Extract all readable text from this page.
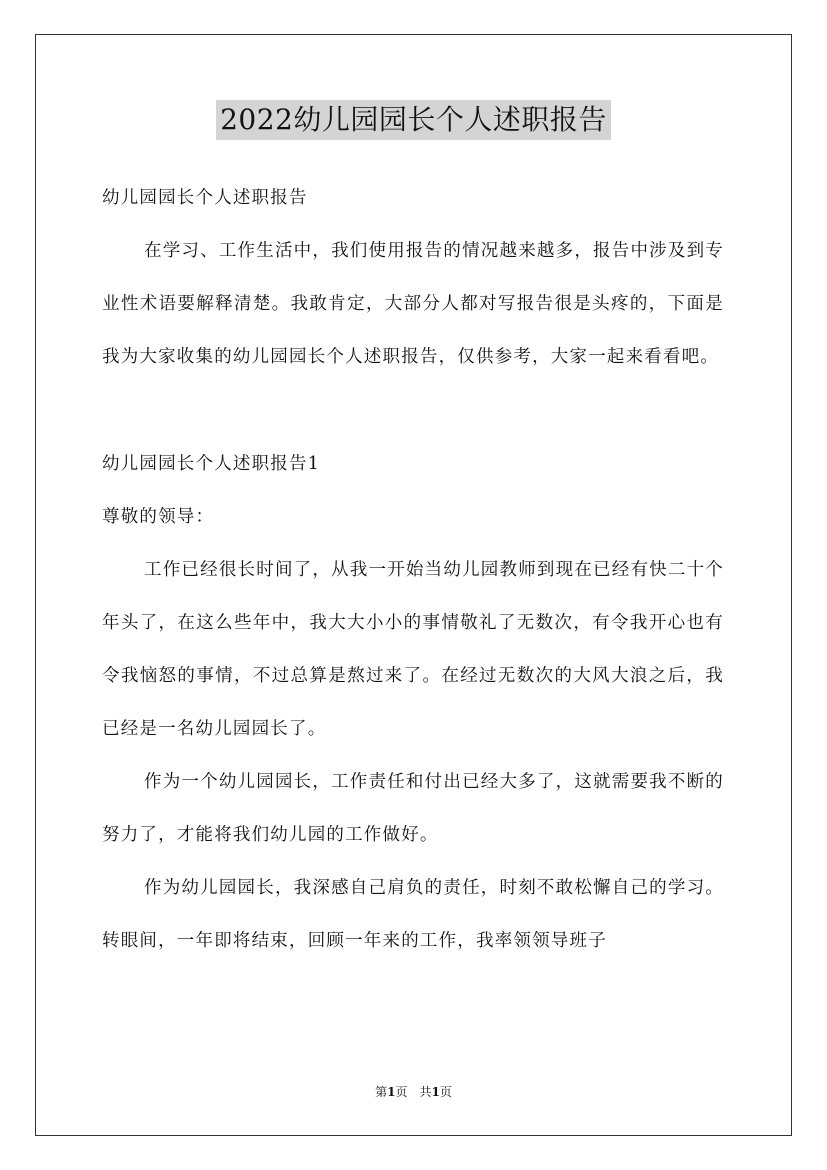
2022幼儿园园长个人述职报告

幼儿园园长个人述职报告

在学习、工作生活中，我们使用报告的情况越来越多，报告中涉及到专业性术语要解释清楚。我敢肯定，大部分人都对写报告很是头疼的，下面是我为大家收集的幼儿园园长个人述职报告，仅供参考，大家一起来看看吧。

幼儿园园长个人述职报告1

尊敬的领导：

工作已经很长时间了，从我一开始当幼儿园教师到现在已经有快二十个年头了，在这么些年中，我大大小小的事情敬礼了无数次，有令我开心也有令我恼怒的事情，不过总算是熬过来了。在经过无数次的大风大浪之后，我已经是一名幼儿园园长了。

作为一个幼儿园园长，工作责任和付出已经大多了，这就需要我不断的努力了，才能将我们幼儿园的工作做好。

作为幼儿园园长，我深感自己肩负的责任，时刻不敢松懈自己的学习。转眼间，一年即将结束，回顾一年来的工作，我率领领导班子

第1页 共1页
